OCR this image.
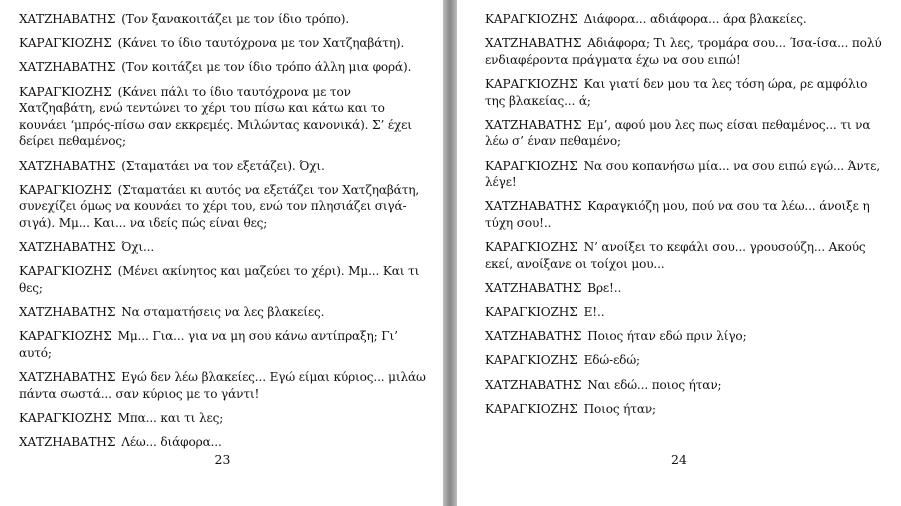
ΧΑΤΖΗΑΒΑΤΗΣ (Τον ξανακοιτάζει με τον ίδιο τρόπο).

ΚΑΡΑΓΚΙΟΖΗΣ (Κάνει το ίδιο ταυτόχρονα με τον Χατζηαβάτη).

ΧΑΤΖΗΑΒΑΤΗΣ (Τον κοιτάζει με τον ίδιο τρόπο άλλη μια φορά).

ΚΑΡΑΓΚΙΟΖΗΣ (Κάνει πάλι το ίδιο ταυτόχρονα με τον Χατζηαβάτη, ενώ τεντώνει το χέρι του πίσω και κάτω και το κουνάει ‘μπρός-πίσω σαν εκκρεμές. Μιλώντας κανονικά). Σ’ έχει δείρει πεθαμένος;

ΧΑΤΖΗΑΒΑΤΗΣ (Σταματάει να τον εξετάζει). Όχι.

ΚΑΡΑΓΚΙΟΖΗΣ (Σταματάει κι αυτός να εξετάζει τον Χατζηαβάτη, συνεχίζει όμως να κουνάει το χέρι του, ενώ τον πλησιάζει σιγά-σιγά). Μμ... Και... να ιδείς πώς είναι θες;

ΧΑΤΖΗΑΒΑΤΗΣ Όχι...

ΚΑΡΑΓΚΙΟΖΗΣ (Μένει ακίνητος και μαζεύει το χέρι). Μμ... Και τι θες;

ΧΑΤΖΗΑΒΑΤΗΣ Να σταματήσεις να λες βλακείες.

ΚΑΡΑΓΚΙΟΖΗΣ Μμ... Για... για να μη σου κάνω αντίπραξη; Γι’ αυτό;

ΧΑΤΖΗΑΒΑΤΗΣ Εγώ δεν λέω βλακείες... Εγώ είμαι κύριος... μιλάω πάντα σωστά... σαν κύριος με το γάντι!

ΚΑΡΑΓΚΙΟΖΗΣ Μπα... και τι λες;

ΧΑΤΖΗΑΒΑΤΗΣ Λέω... διάφορα...

23

ΚΑΡΑΓΚΙΟΖΗΣ Διάφορα... αδιάφορα... άρα βλακείες.

ΧΑΤΖΗΑΒΑΤΗΣ Αδιάφορα; Τι λες, τρομάρα σου... Ίσα-ίσα... πολύ ενδιαφέροντα πράγματα έχω να σου ειπώ!

ΚΑΡΑΓΚΙΟΖΗΣ Και γιατί δεν μου τα λες τόση ώρα, ρε αμφόλιο της βλακείας... ά;

ΧΑΤΖΗΑΒΑΤΗΣ Εμ’, αφού μου λες πως είσαι πεθαμένος... τι να λέω σ’ έναν πεθαμένο;

ΚΑΡΑΓΚΙΟΖΗΣ Να σου κοπανήσω μία... να σου ειπώ εγώ... Άντε, λέγε!

ΧΑΤΖΗΑΒΑΤΗΣ Καραγκιόζη μου, πού να σου τα λέω... άνοιξε η τύχη σου!..

ΚΑΡΑΓΚΙΟΖΗΣ Ν’ ανοίξει το κεφάλι σου... γρουσούζη... Ακούς εκεί, ανοίξανε οι τοίχοι μου...

ΧΑΤΖΗΑΒΑΤΗΣ Βρε!..

ΚΑΡΑΓΚΙΟΖΗΣ Ε!..

ΧΑΤΖΗΑΒΑΤΗΣ Ποιος ήταν εδώ πριν λίγο;

ΚΑΡΑΓΚΙΟΖΗΣ Εδώ-εδώ;

ΧΑΤΖΗΑΒΑΤΗΣ Ναι εδώ... ποιος ήταν;

ΚΑΡΑΓΚΙΟΖΗΣ Ποιος ήταν;

24
